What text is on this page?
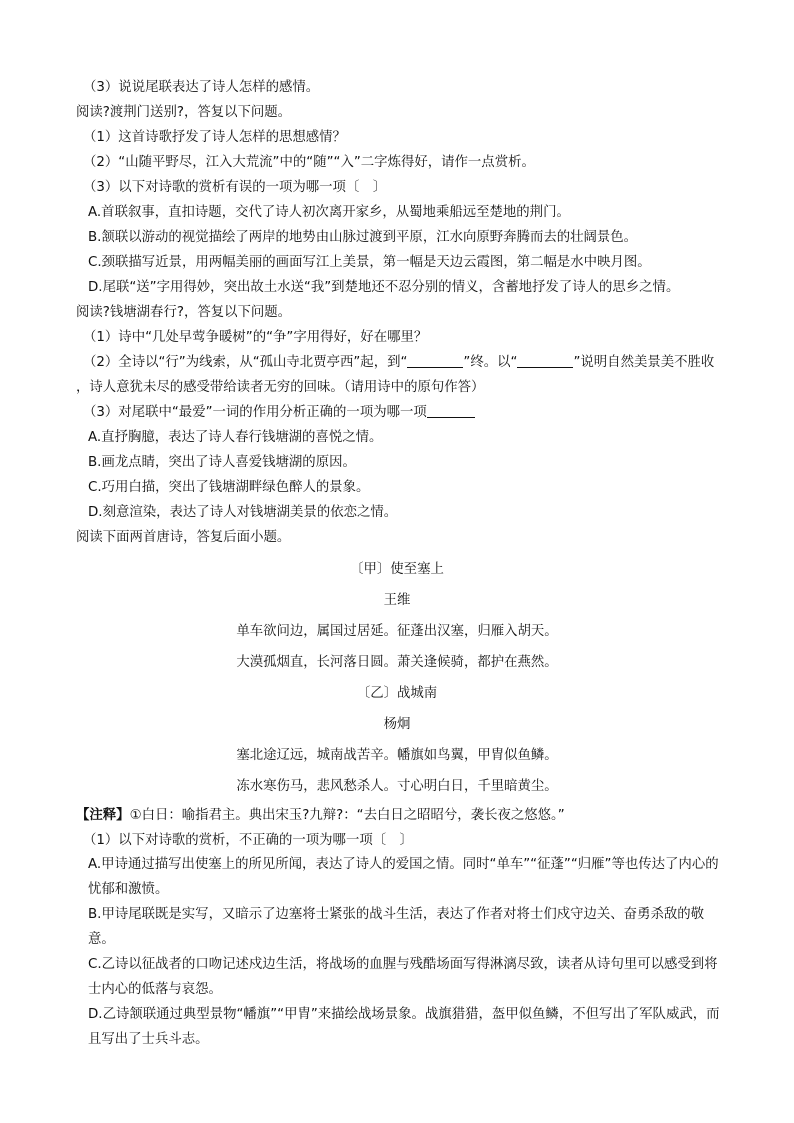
（3）说说尾联表达了诗人怎样的感情。
阅读?渡荆门送别?，答复以下问题。
（1）这首诗歌抒发了诗人怎样的思想感情？
（2）“山随平野尽，江入大荒流”中的“随”“入”二字炼得好，请作一点赏析。
（3）以下对诗歌的赏析有误的一项为哪一项〔　〕
A.首联叙事，直扣诗题，交代了诗人初次离开家乡，从蜀地乘船远至楚地的荆门。
B.颔联以游动的视觉描绘了两岸的地势由山脉过渡到平原，江水向原野奔腾而去的壮阔景色。
C.颈联描写近景，用两幅美丽的画面写江上美景，第一幅是天边云霞图，第二幅是水中映月图。
D.尾联“送”字用得妙，突出故土水送“我”到楚地还不忍分别的情义，含蓄地抒发了诗人的思乡之情。
阅读?钱塘湖春行?，答复以下问题。
（1）诗中“几处早莺争暖树”的“争”字用得好，好在哪里？
（2）全诗以“行”为线索，从“孤山寺北贾亭西”起，到“	”终。以“	”说明自然美景美不胜收
，诗人意犹未尽的感受带给读者无穷的回味。（请用诗中的原句作答）
（3）对尾联中“最爱”一词的作用分析正确的一项为哪一项
A.直抒胸臆，表达了诗人春行钱塘湖的喜悦之情。
B.画龙点睛，突出了诗人喜爱钱塘湖的原因。
C.巧用白描，突出了钱塘湖畔绿色醉人的景象。
D.刻意渲染，表达了诗人对钱塘湖美景的依恋之情。
阅读下面两首唐诗，答复后面小题。
〔甲〕使至塞上
王维
单车欲问边，属国过居延。征蓬出汉塞，归雁入胡天。
大漠孤烟直，长河落日圆。萧关逢候骑，都护在燕然。
〔乙〕战城南
杨炯
塞北途辽远，城南战苦辛。幡旗如鸟翼，甲胄似鱼鳞。
冻水寒伤马，悲风愁杀人。寸心明白日，千里暗黄尘。
【注释】①白日：喻指君主。典出宋玉?九辩?：“去白日之昭昭兮，袭长夜之悠悠。”
（1）以下对诗歌的赏析，不正确的一项为哪一项〔　〕
A.甲诗通过描写出使塞上的所见所闻，表达了诗人的爱国之情。同时“单车”“征蓬”“归雁”等也传达了内心的忧郁和激愤。
B.甲诗尾联既是实写，又暗示了边塞将士紧张的战斗生活，表达了作者对将士们戍守边关、奋勇杀敌的敬意。
C.乙诗以征战者的口吻记述戍边生活，将战场的血腥与残酷场面写得淋漓尽致，读者从诗句里可以感受到将士内心的低落与哀怨。
D.乙诗颔联通过典型景物“幡旗”“甲胄”来描绘战场景象。战旗猎猎，盔甲似鱼鳞，不但写出了军队威武，而且写出了士兵斗志。
